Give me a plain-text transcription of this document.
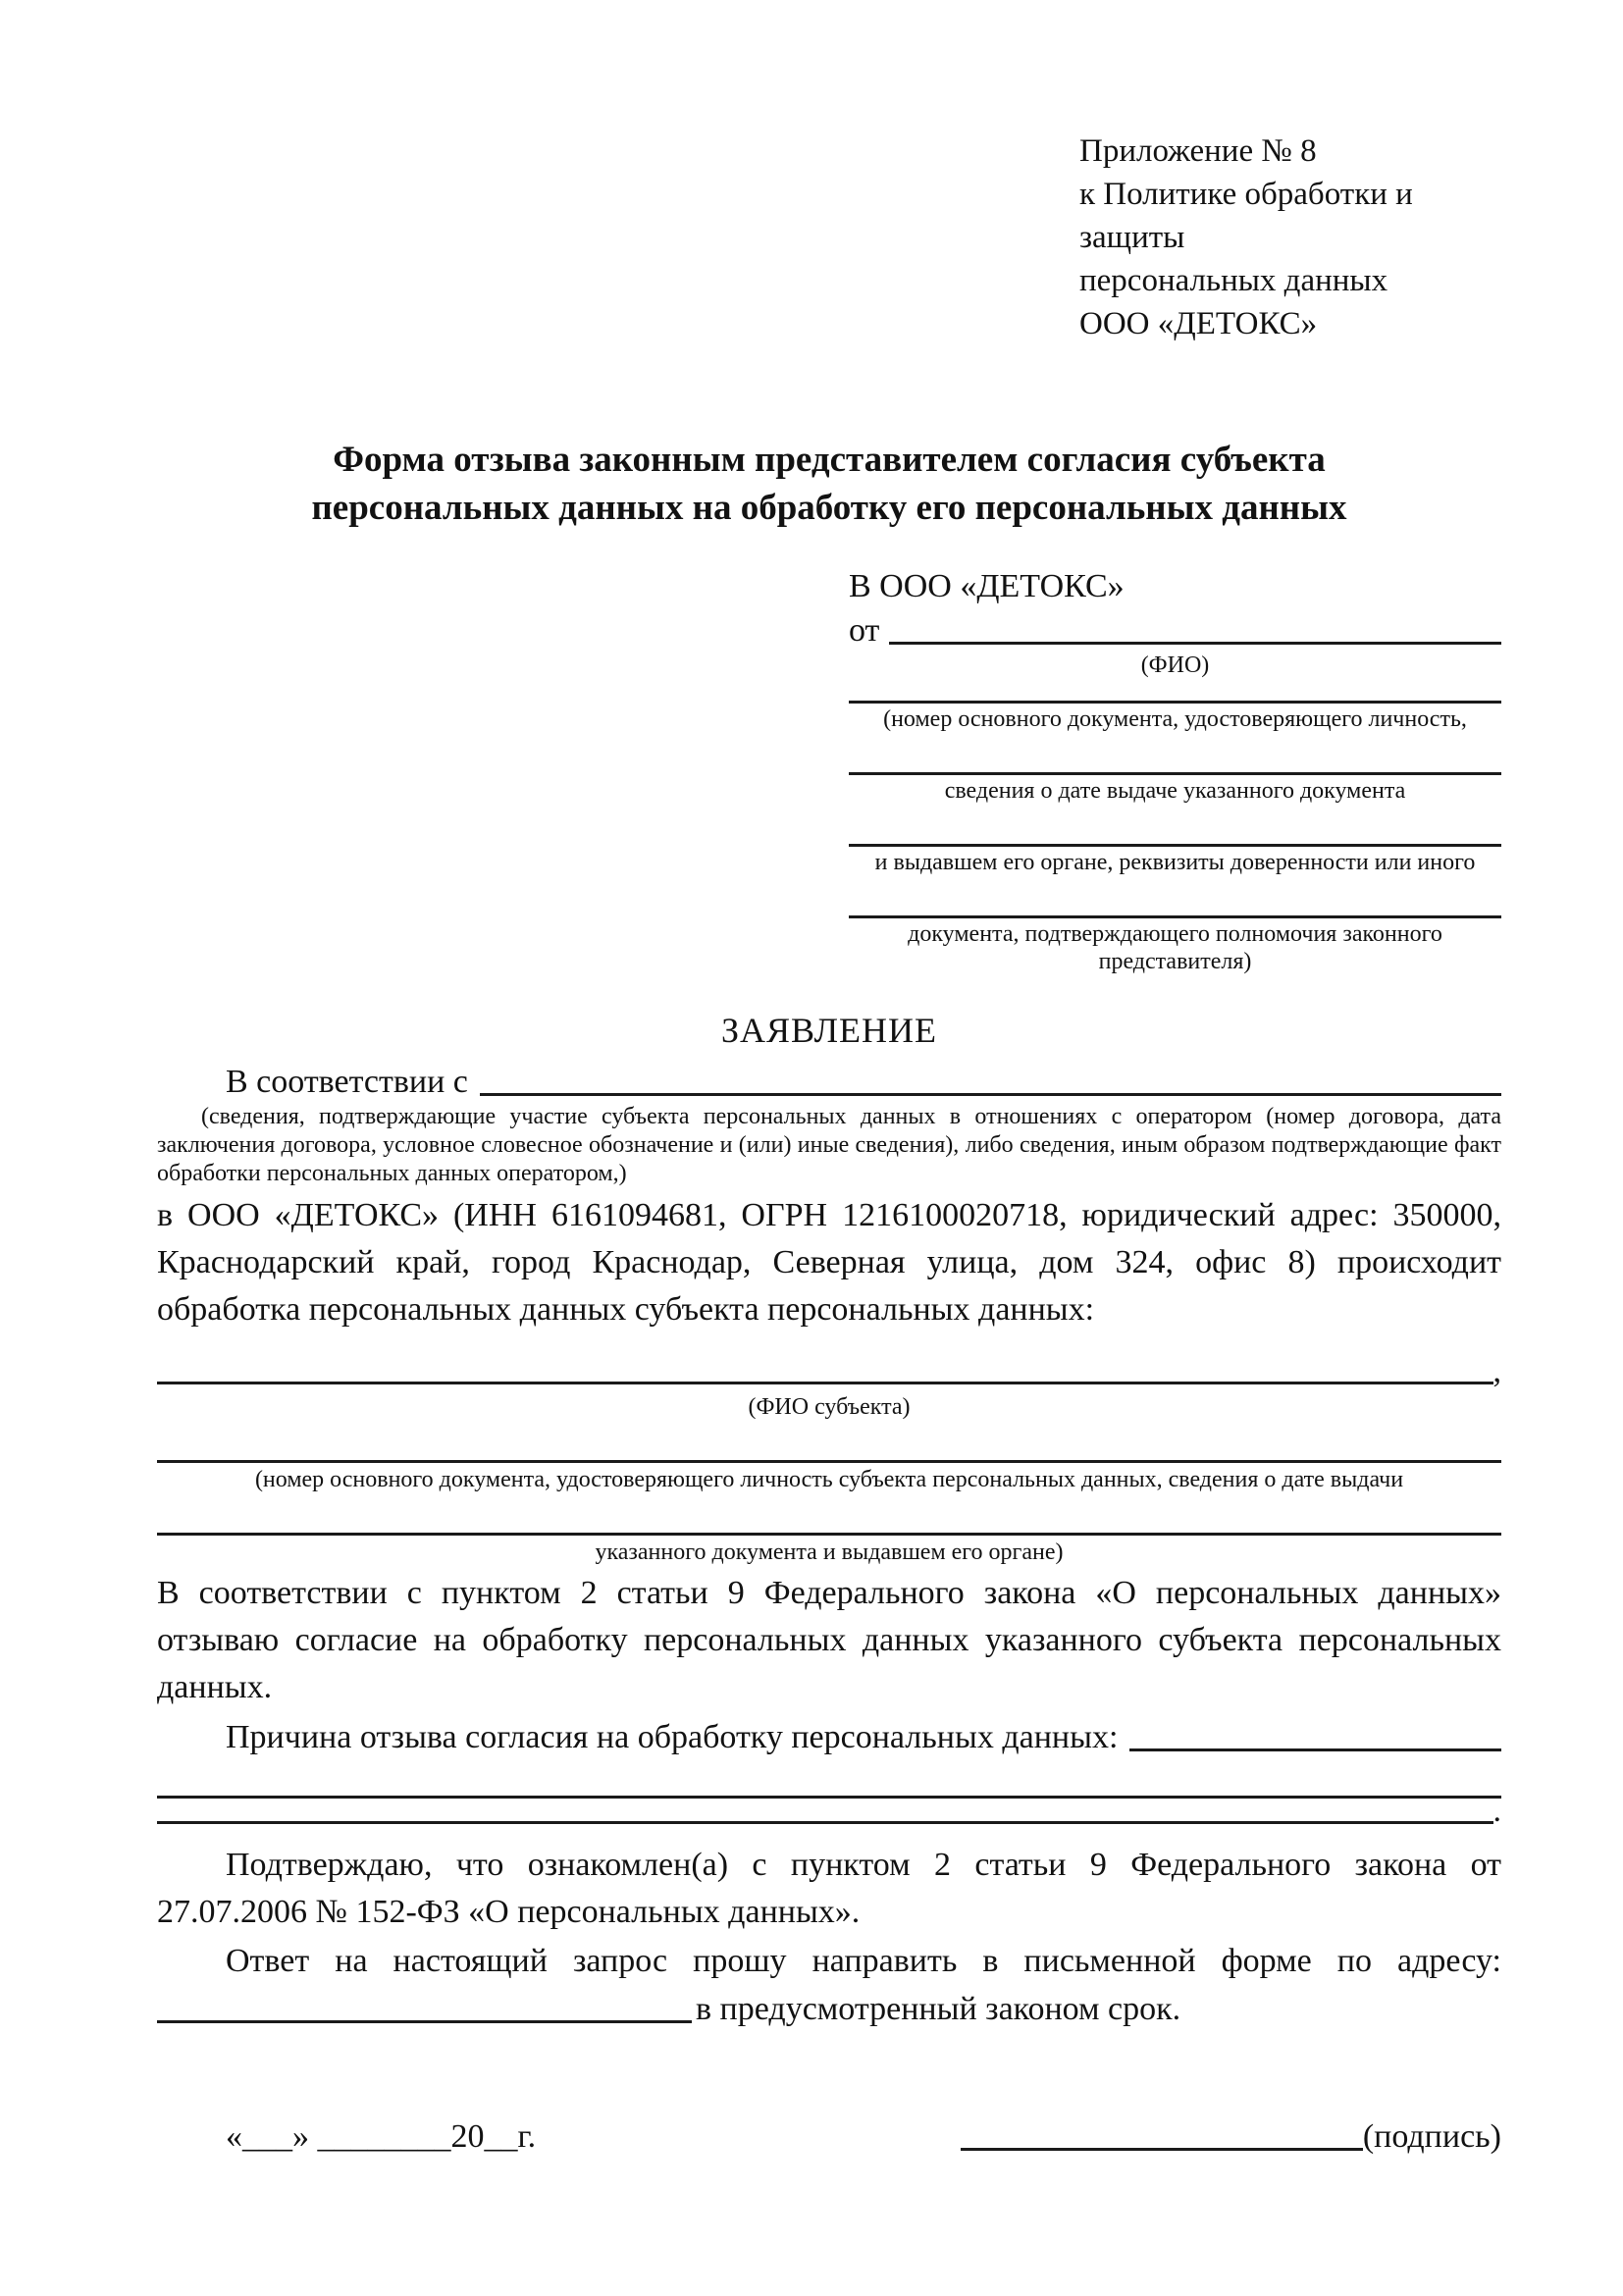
Приложение № 8
к Политике обработки и защиты
персональных данных
ООО «ДЕТОКС»
Форма отзыва законным представителем согласия субъекта персональных данных на обработку его персональных данных
В ООО «ДЕТОКС»
от
(ФИО)
(номер основного документа, удостоверяющего личность,
сведения о дате выдаче указанного документа
и выдавшем его органе, реквизиты доверенности или иного
документа, подтверждающего полномочия законного представителя)
ЗАЯВЛЕНИЕ
В соответствии с
(сведения, подтверждающие участие субъекта персональных данных в отношениях с оператором (номер договора, дата заключения договора, условное словесное обозначение и (или) иные сведения), либо сведения, иным образом подтверждающие факт обработки персональных данных оператором,)
в ООО «ДЕТОКС» (ИНН 6161094681, ОГРН 1216100020718, юридический адрес: 350000, Краснодарский край, город Краснодар, Северная улица, дом 324, офис 8) происходит обработка персональных данных субъекта персональных данных:
,
(ФИО субъекта)
(номер основного документа, удостоверяющего личность субъекта персональных данных, сведения о дате выдачи
указанного документа и выдавшем его органе)
В соответствии с пунктом 2 статьи 9 Федерального закона «О персональных данных» отзываю согласие на обработку персональных данных указанного субъекта персональных данных.
Причина отзыва согласия на обработку персональных данных:
.
Подтверждаю, что ознакомлен(а) с пунктом 2 статьи 9 Федерального закона от 27.07.2006 № 152-ФЗ «О персональных данных».
Ответ на настоящий запрос прошу направить в письменной форме по адресу:
в предусмотренный законом срок.
«___» ________20__г.	(подпись)
